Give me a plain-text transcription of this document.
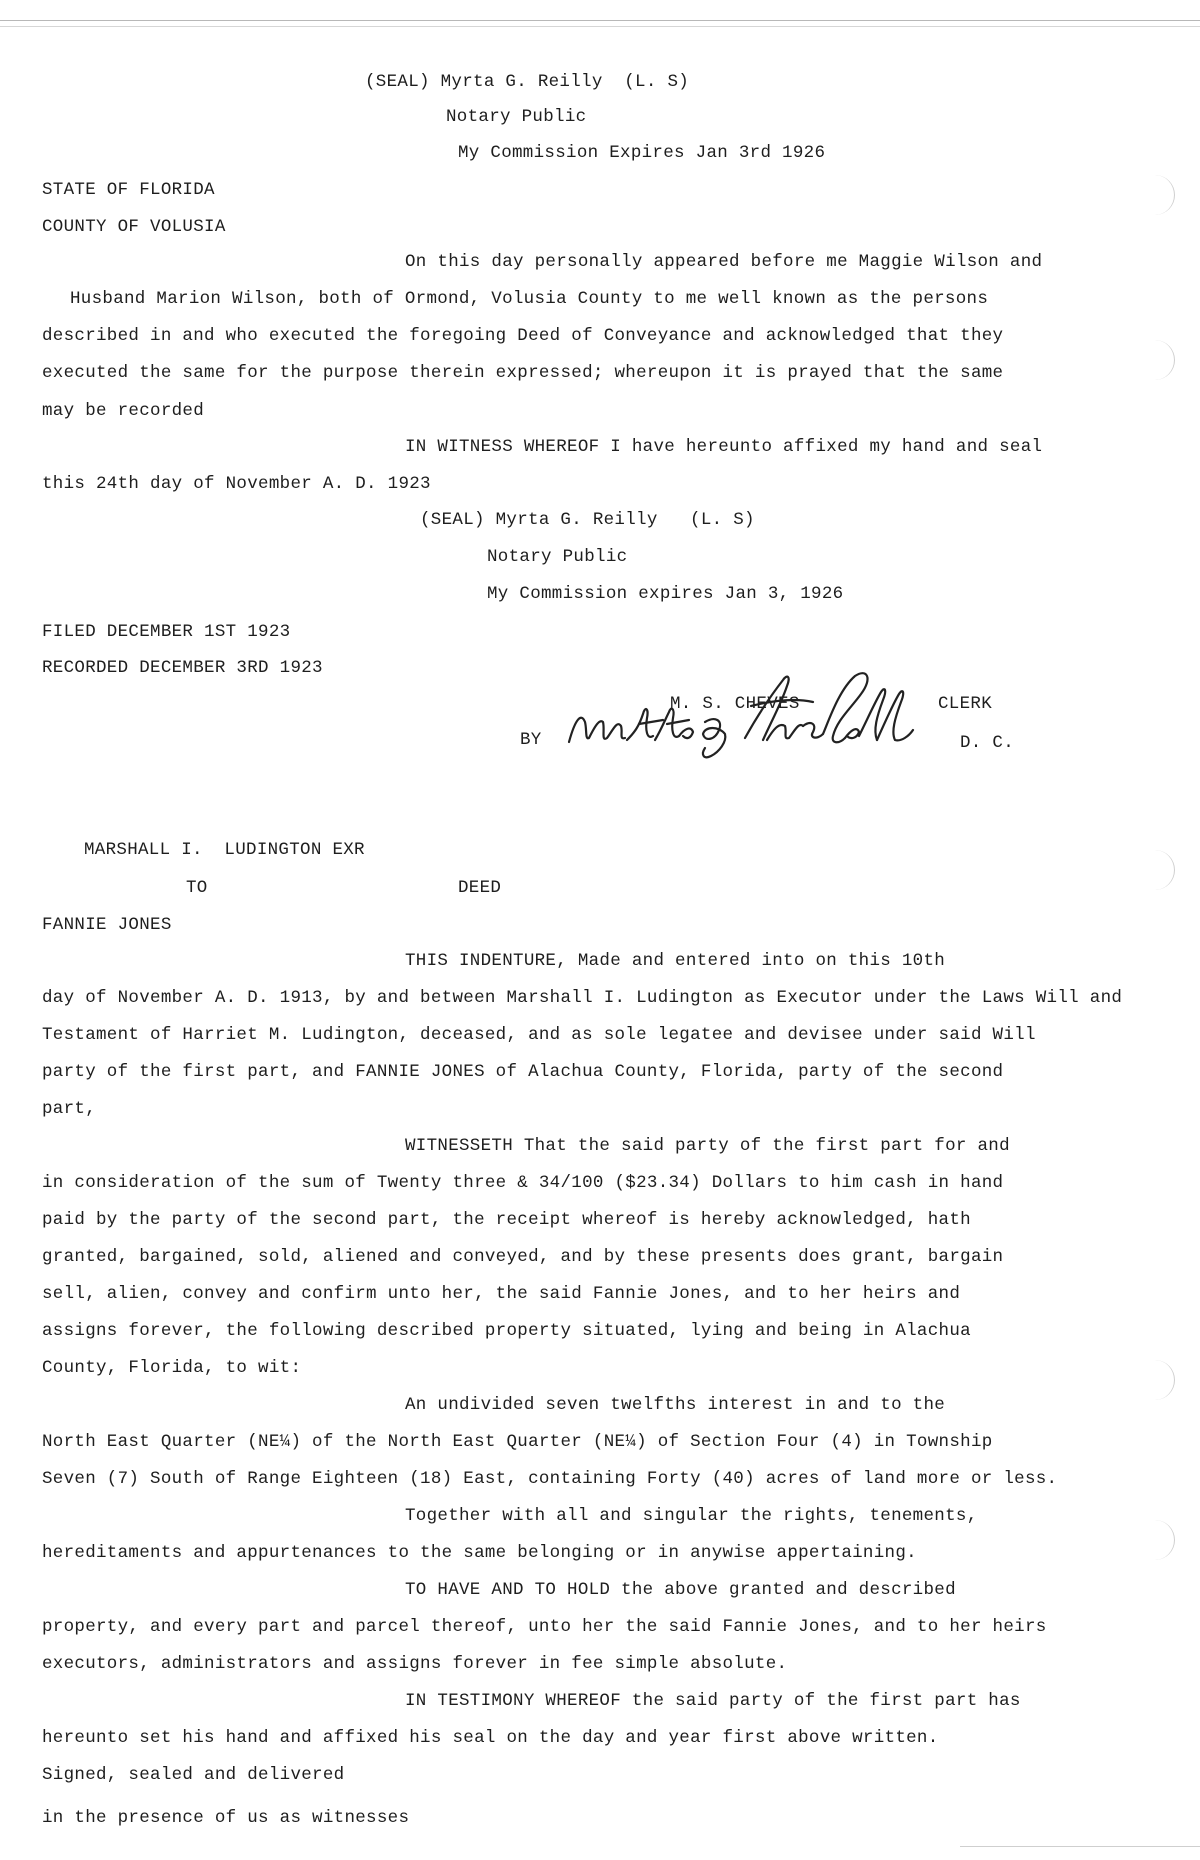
(SEAL) Myrta G. Reilly  (L. S)
Notary Public
My Commission Expires Jan 3rd 1926
STATE OF FLORIDA
COUNTY OF VOLUSIA
On this day personally appeared before me Maggie Wilson and
Husband Marion Wilson, both of Ormond, Volusia County to me well known as the persons
described in and who executed the foregoing Deed of Conveyance and acknowledged that they
executed the same for the purpose therein expressed; whereupon it is prayed that the same
may be recorded
IN WITNESS WHEREOF I have hereunto affixed my hand and seal
this 24th day of November A. D. 1923
(SEAL) Myrta G. Reilly   (L. S)
Notary Public
My Commission expires Jan 3, 1926
FILED DECEMBER 1ST 1923
RECORDED DECEMBER 3RD 1923
M. S. CHEVES	CLERK
BY	D. C.
MARSHALL I.  LUDINGTON EXR
TO	DEED
FANNIE JONES
THIS INDENTURE, Made and entered into on this 10th
day of November A. D. 1913, by and between Marshall I. Ludington as Executor under the Laws Will and
Testament of Harriet M. Ludington, deceased, and as sole legatee and devisee under said Will
party of the first part, and FANNIE JONES of Alachua County, Florida, party of the second
part,
WITNESSETH That the said party of the first part for and
in consideration of the sum of Twenty three & 34/100 ($23.34) Dollars to him cash in hand
paid by the party of the second part, the receipt whereof is hereby acknowledged, hath
granted, bargained, sold, aliened and conveyed, and by these presents does grant, bargain
sell, alien, convey and confirm unto her, the said Fannie Jones, and to her heirs and
assigns forever, the following described property situated, lying and being in Alachua
County, Florida, to wit:
An undivided seven twelfths interest in and to the
North East Quarter (NE¼) of the North East Quarter (NE¼) of Section Four (4) in Township
Seven (7) South of Range Eighteen (18) East, containing Forty (40) acres of land more or less.
Together with all and singular the rights, tenements,
hereditaments and appurtenances to the same belonging or in anywise appertaining.
TO HAVE AND TO HOLD the above granted and described
property, and every part and parcel thereof, unto her the said Fannie Jones, and to her heirs
executors, administrators and assigns forever in fee simple absolute.
IN TESTIMONY WHEREOF the said party of the first part has
hereunto set his hand and affixed his seal on the day and year first above written.
Signed, sealed and delivered
in the presence of us as witnesses
